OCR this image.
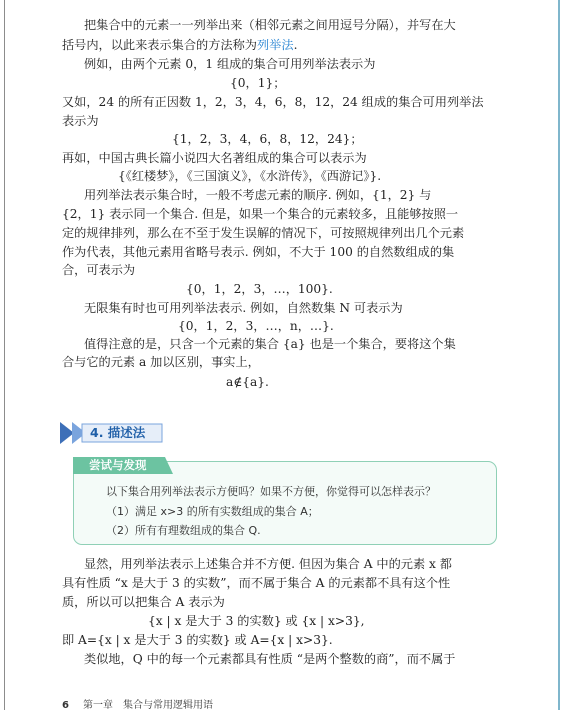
把集合中的元素一一列举出来（相邻元素之间用逗号分隔），并写在大
括号内，以此来表示集合的方法称为列举法.
例如，由两个元素 0，1 组成的集合可用列举法表示为
{0，1}；
又如，24 的所有正因数 1，2，3，4，6，8，12，24 组成的集合可用列举法
表示为
{1，2，3，4，6，8，12，24}；
再如，中国古典长篇小说四大名著组成的集合可以表示为
{《红楼梦》，《三国演义》，《水浒传》，《西游记》}.
用列举法表示集合时，一般不考虑元素的顺序. 例如，{1，2} 与
{2，1} 表示同一个集合. 但是，如果一个集合的元素较多，且能够按照一
定的规律排列，那么在不至于发生误解的情况下，可按照规律列出几个元素
作为代表，其他元素用省略号表示. 例如，不大于 100 的自然数组成的集
合，可表示为
{0，1，2，3，…，100}.
无限集有时也可用列举法表示. 例如，自然数集 N 可表示为
{0，1，2，3，…，n，…}.
值得注意的是，只含一个元素的集合 {a} 也是一个集合，要将这个集
合与它的元素 a 加以区别，事实上，
a∉{a}.
4. 描述法
以下集合用列举法表示方便吗？如果不方便，你觉得可以怎样表示？
（1）满足 x>3 的所有实数组成的集合 A；
（2）所有有理数组成的集合 Q.
尝试与发现
显然，用列举法表示上述集合并不方便. 但因为集合 A 中的元素 x 都
具有性质 “x 是大于 3 的实数”，而不属于集合 A 的元素都不具有这个性
质，所以可以把集合 A 表示为
{x | x 是大于 3 的实数} 或 {x | x>3},
即 A={x | x 是大于 3 的实数} 或 A={x | x>3}.
类似地，Q 中的每一个元素都具有性质 “是两个整数的商”，而不属于
6 第一章　集合与常用逻辑用语
